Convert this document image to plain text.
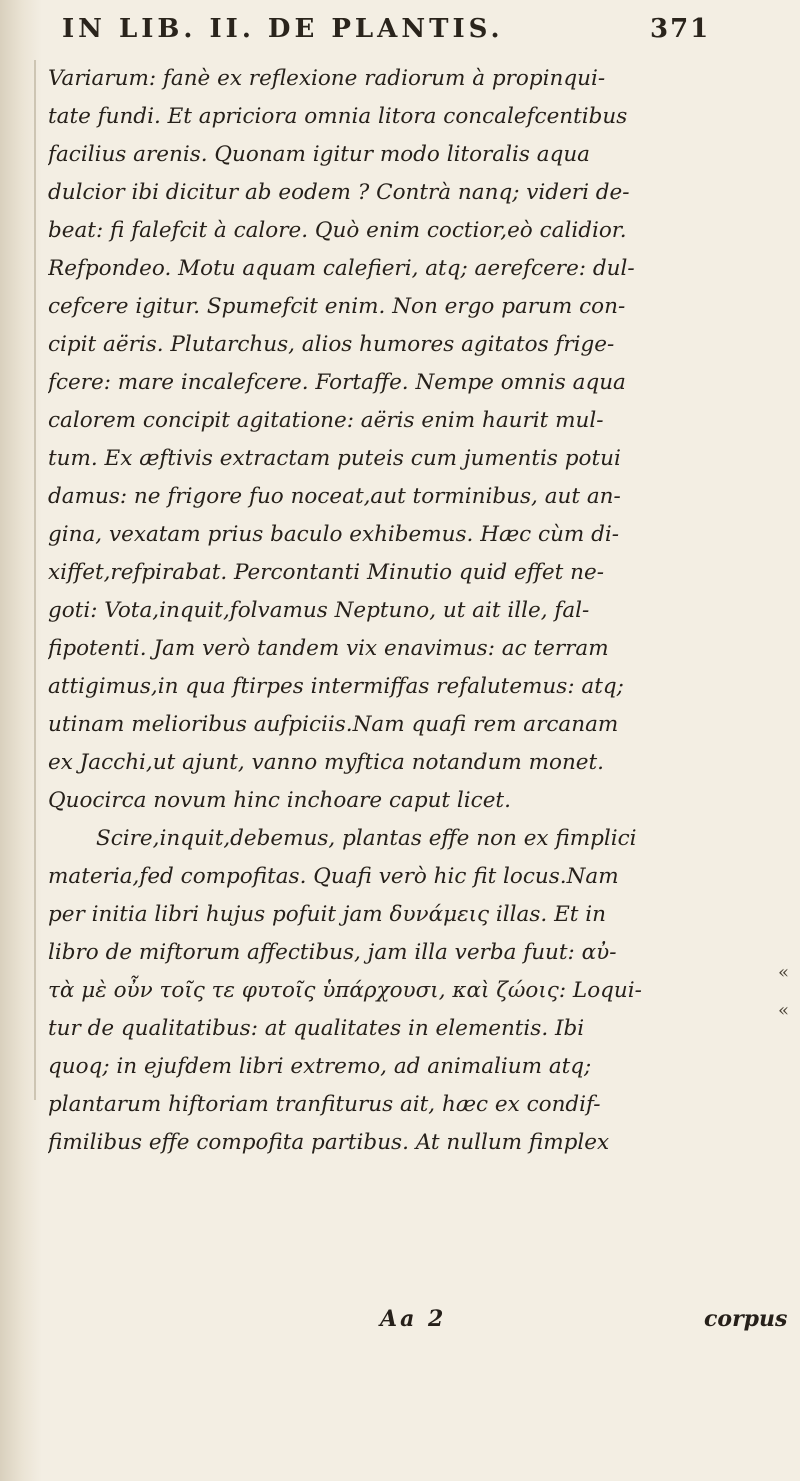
IN LIB. II. DE PLANTIS.	371
Variarum: fanè ex reflexione radiorum à propinqui-
tate fundi. Et apriciora omnia litora concalefcentibus
facilius arenis. Quonam igitur modo litoralis aqua
dulcior ibi dicitur ab eodem ? Contrà nanq; videri de-
beat: fi falefcit à calore. Quò enim coctior,eò calidior.
Refpondeo. Motu aquam calefieri, atq; aerefcere: dul-
cefcere igitur. Spumefcit enim. Non ergo parum con-
cipit aëris. Plutarchus, alios humores agitatos frige-
fcere: mare incalefcere. Fortaffe. Nempe omnis aqua
calorem concipit agitatione: aëris enim haurit mul-
tum. Ex æftivis extractam puteis cum jumentis potui
damus: ne frigore fuo noceat,aut torminibus, aut an-
gina, vexatam prius baculo exhibemus. Hæc cùm di-
xiffet,refpirabat. Percontanti Minutio quid effet ne-
goti: Vota,inquit,folvamus Neptuno, ut ait ille, fal-
fipotenti. Jam verò tandem vix enavimus: ac terram
attigimus,in qua ftirpes intermiffas refalutemus: atq;
utinam melioribus aufpiciis.Nam quafi rem arcanam
ex Jacchi,ut ajunt, vanno myftica notandum monet.
Quocirca novum hinc inchoare caput licet.
Scire,inquit,debemus, plantas effe non ex fimplici
materia,fed compofitas. Quafi verò hic fit locus.Nam
per initia libri hujus pofuit jam δυνάμεις illas. Et in
libro de miftorum affectibus, jam illa verba fuut: αὐ-
τὰ μὲ οὖν τοῖς τε φυτοῖς ὑπάρχουσι, καὶ ζώοις: Loqui-
tur de qualitatibus: at qualitates in elementis. Ibi
quoq; in ejufdem libri extremo, ad animalium atq;
plantarum hiftoriam tranfiturus ait, hæc ex condif-
fimilibus effe compofita partibus. At nullum fimplex
«
«
Aa 2	corpus
